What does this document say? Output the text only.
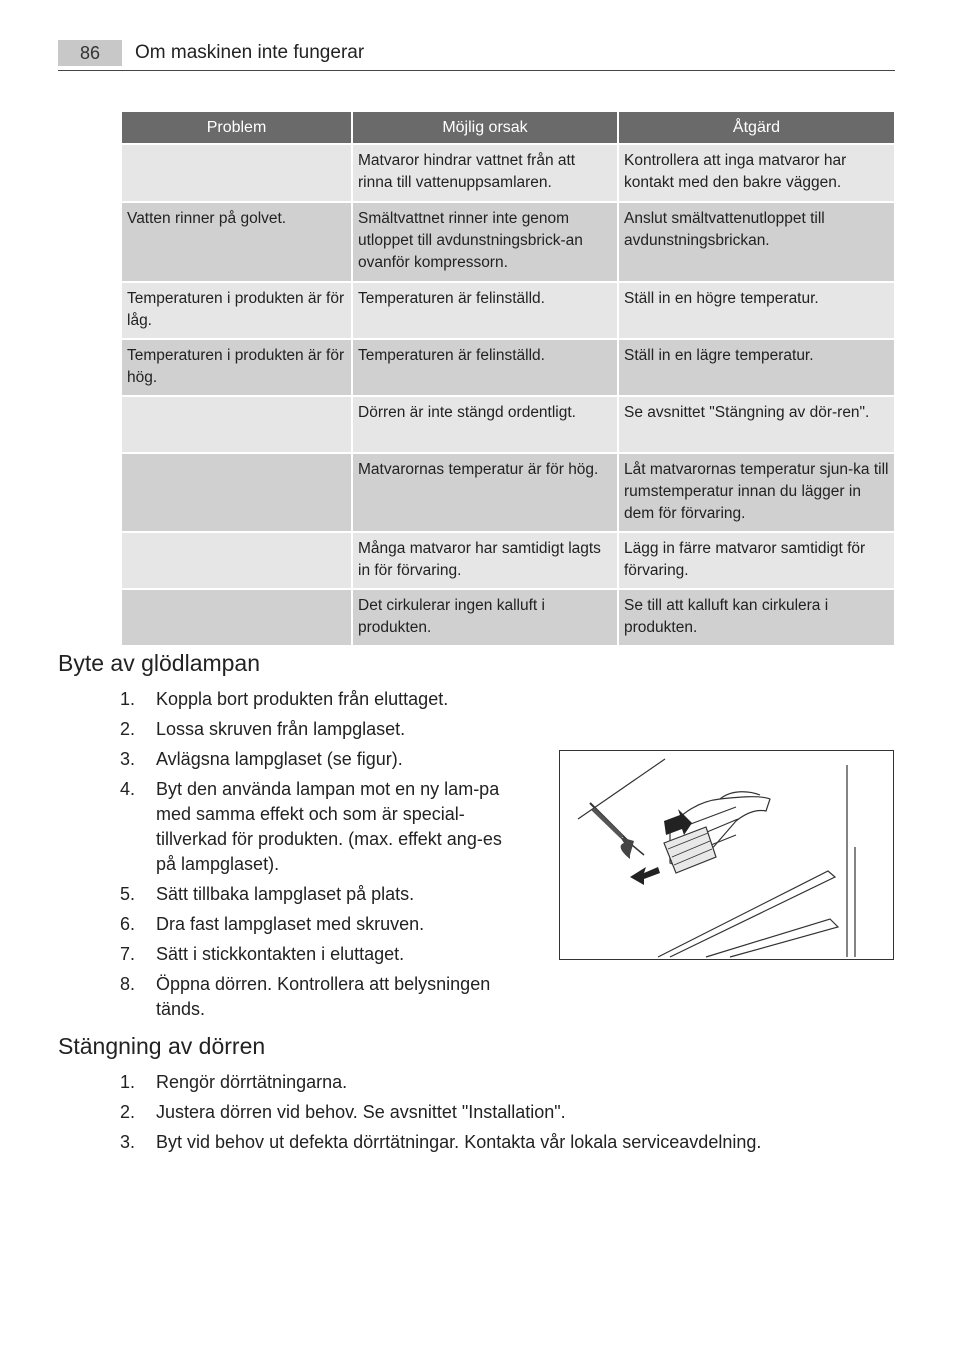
86	Om maskinen inte fungerar
Problem	Möjlig orsak	Åtgärd
	Matvaror hindrar vattnet från att rinna till vattenuppsamlaren.	Kontrollera att inga matvaror har kontakt med den bakre väggen.
Vatten rinner på golvet.	Smältvattnet rinner inte genom utloppet till avdunstningsbrick-an ovanför kompressorn.	Anslut smältvattenutloppet till avdunstningsbrickan.
Temperaturen i produkten är för låg.	Temperaturen är felinställd.	Ställ in en högre temperatur.
Temperaturen i produkten är för hög.	Temperaturen är felinställd.	Ställ in en lägre temperatur.
	Dörren är inte stängd ordentligt.	Se avsnittet "Stängning av dör-ren".
	Matvarornas temperatur är för hög.	Låt matvarornas temperatur sjun-ka till rumstemperatur innan du lägger in dem för förvaring.
	Många matvaror har samtidigt lagts in för förvaring.	Lägg in färre matvaror samtidigt för förvaring.
	Det cirkulerar ingen kalluft i produkten.	Se till att kalluft kan cirkulera i produkten.
Byte av glödlampan
1. Koppla bort produkten från eluttaget.
2. Lossa skruven från lampglaset.
3. Avlägsna lampglaset (se figur).
4. Byt den använda lampan mot en ny lam-pa med samma effekt och som är special-tillverkad för produkten. (max. effekt ang-es på lampglaset).
5. Sätt tillbaka lampglaset på plats.
6. Dra fast lampglaset med skruven.
7. Sätt i stickkontakten i eluttaget.
8. Öppna dörren. Kontrollera att belysningen tänds.
Stängning av dörren
1. Rengör dörrtätningarna.
2. Justera dörren vid behov. Se avsnittet "Installation".
3. Byt vid behov ut defekta dörrtätningar. Kontakta vår lokala serviceavdelning.
